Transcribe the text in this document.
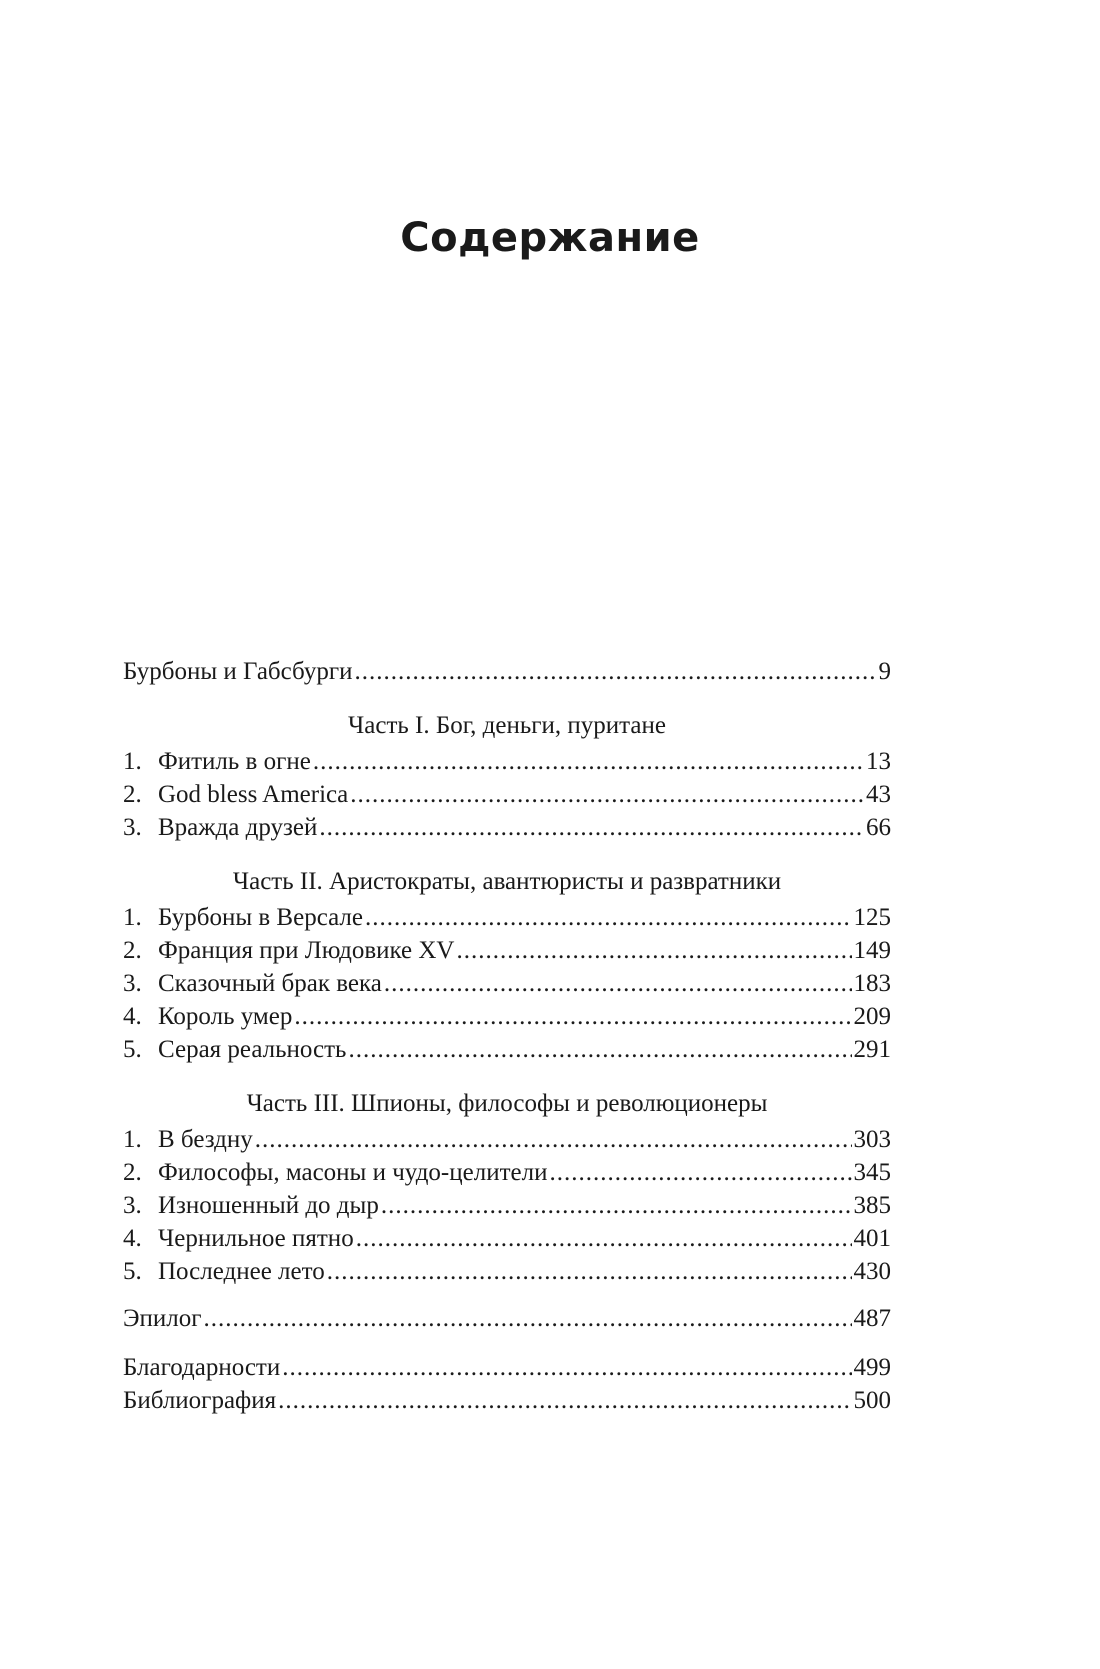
Содержание
Бурбоны и Габсбурги .....	9
Часть I. Бог, деньги, пуритане
1. Фитиль в огне .....	13
2. God bless America .....	43
3. Вражда друзей .....	66
Часть II. Аристократы, авантюристы и развратники
1. Бурбоны в Версале .....	125
2. Франция при Людовике XV .....	149
3. Сказочный брак века .....	183
4. Король умер .....	209
5. Серая реальность .....	291
Часть III. Шпионы, философы и революционеры
1. В бездну .....	303
2. Философы, масоны и чудо-целители .....	345
3. Изношенный до дыр .....	385
4. Чернильное пятно .....	401
5. Последнее лето .....	430
Эпилог .....	487
Благодарности .....	499
Библиография .....	500
